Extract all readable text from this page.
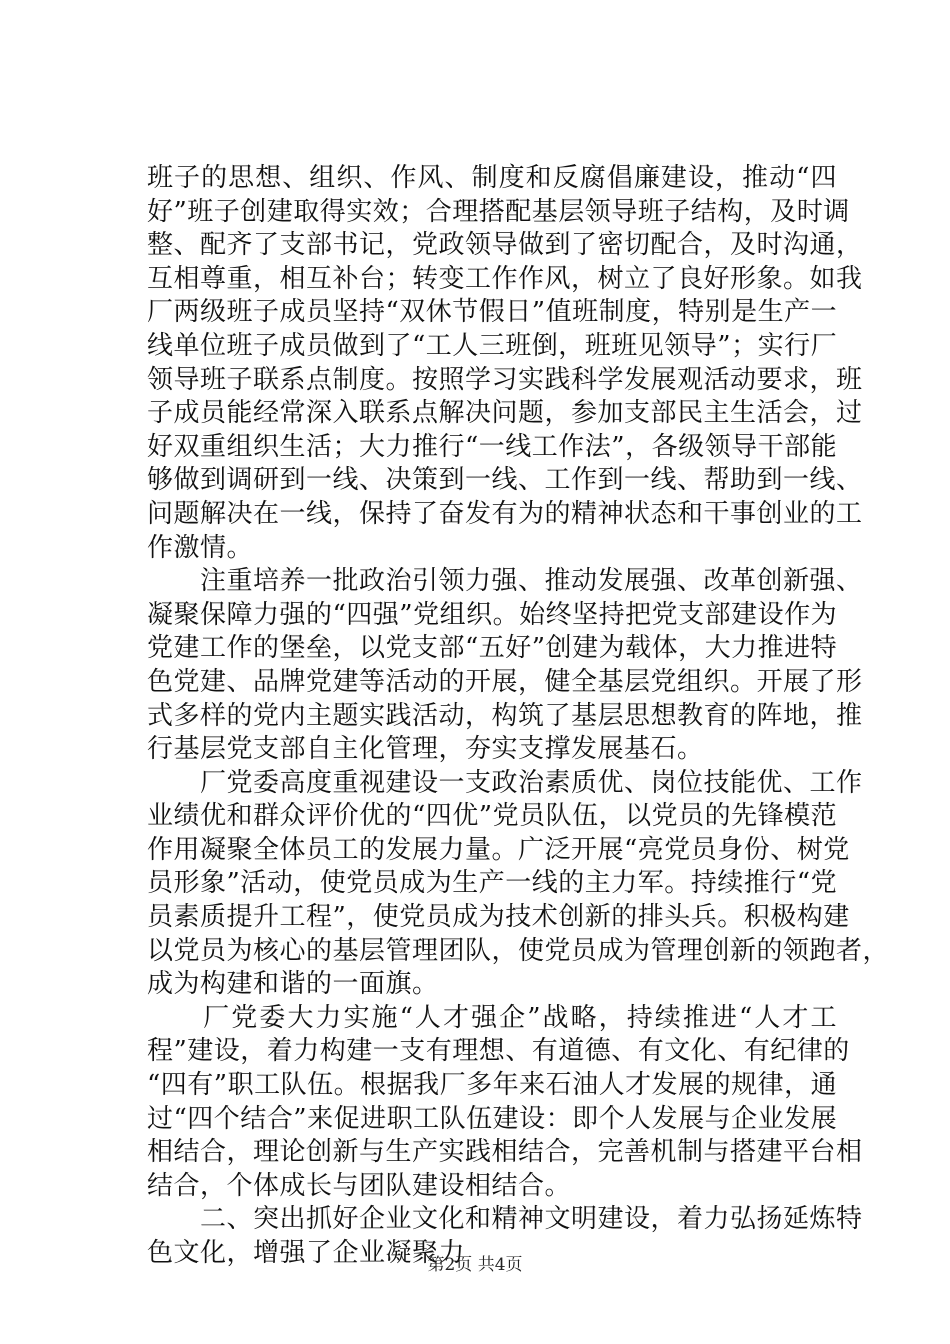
班子的思想、组织、作风、制度和反腐倡廉建设，推动“四
好”班子创建取得实效；合理搭配基层领导班子结构，及时调
整、配齐了支部书记，党政领导做到了密切配合，及时沟通，
互相尊重，相互补台；转变工作作风，树立了良好形象。如我
厂两级班子成员坚持“双休节假日”值班制度，特别是生产一
线单位班子成员做到了“工人三班倒，班班见领导”；实行厂
领导班子联系点制度。按照学习实践科学发展观活动要求，班
子成员能经常深入联系点解决问题，参加支部民主生活会，过
好双重组织生活；大力推行“一线工作法”，各级领导干部能
够做到调研到一线、决策到一线、工作到一线、帮助到一线、
问题解决在一线，保持了奋发有为的精神状态和干事创业的工
作激情。
　　注重培养一批政治引领力强、推动发展强、改革创新强、
凝聚保障力强的“四强”党组织。始终坚持把党支部建设作为
党建工作的堡垒，以党支部“五好”创建为载体，大力推进特
色党建、品牌党建等活动的开展，健全基层党组织。开展了形
式多样的党内主题实践活动，构筑了基层思想教育的阵地，推
行基层党支部自主化管理，夯实支撑发展基石。
　　厂党委高度重视建设一支政治素质优、岗位技能优、工作
业绩优和群众评价优的“四优”党员队伍，以党员的先锋模范
作用凝聚全体员工的发展力量。广泛开展“亮党员身份、树党
员形象”活动，使党员成为生产一线的主力军。持续推行“党
员素质提升工程”，使党员成为技术创新的排头兵。积极构建
以党员为核心的基层管理团队，使党员成为管理创新的领跑者，
成为构建和谐的一面旗。
　　厂党委大力实施“人才强企”战略，持续推进“人才工
程”建设，着力构建一支有理想、有道德、有文化、有纪律的
“四有”职工队伍。根据我厂多年来石油人才发展的规律，通
过“四个结合”来促进职工队伍建设：即个人发展与企业发展
相结合，理论创新与生产实践相结合，完善机制与搭建平台相
结合，个体成长与团队建设相结合。
　　二、突出抓好企业文化和精神文明建设，着力弘扬延炼特
色文化，增强了企业凝聚力
第2页 共4页
